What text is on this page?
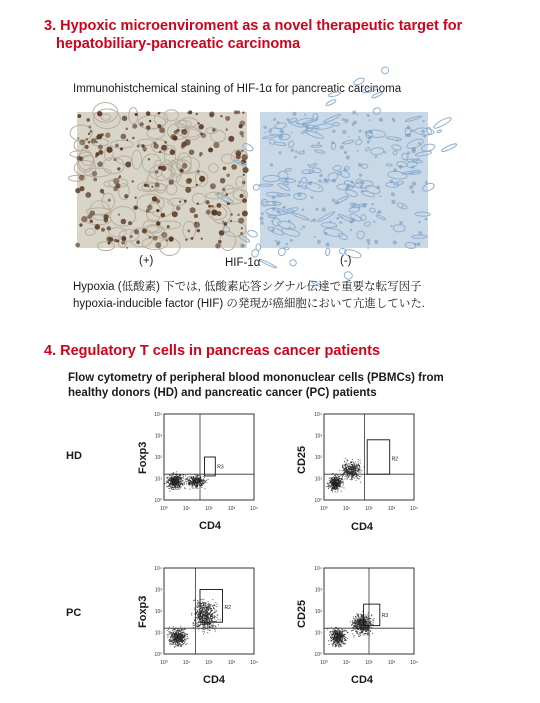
3. Hypoxic microenviroment as a novel therapeutic target for
hepatobiliary-pancreatic carcinoma
Immunohistchemical staining of HIF-1α for pancreatic carcinoma
(+)	HIF-1α	(-)
Hypoxia (低酸素) 下では, 低酸素応答シグナル伝達で重要な転写因子
hypoxia-inducible factor (HIF) の発現が癌細胞において亢進していた.
4. Regulatory T cells in pancreas cancer patients
Flow cytometry of peripheral blood mononuclear cells (PBMCs) from
healthy donors (HD) and pancreatic cancer (PC) patients
HD
PC
Foxp3	CD25
Foxp3	CD25
10⁰
10⁰
10¹
10¹
10²
10²
10³
10³
10⁴
10⁴
R3
10⁰
10⁰
10¹
10¹
10²
10²
10³
10³
10⁴
10⁴
R2
10⁰
10⁰
10¹
10¹
10²
10²
10³
10³
10⁴
10⁴
R2
10⁰
10⁰
10¹
10¹
10²
10²
10³
10³
10⁴
10⁴
R3
CD4	CD4
CD4	CD4
